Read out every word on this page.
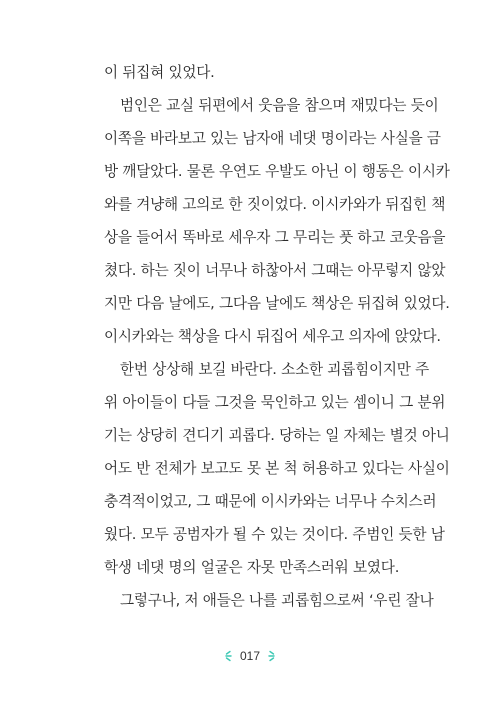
이 뒤집혀 있었다.
범인은 교실 뒤편에서 웃음을 참으며 재밌다는 듯이
이쪽을 바라보고 있는 남자애 네댓 명이라는 사실을 금
방 깨달았다. 물론 우연도 우발도 아닌 이 행동은 이시카
와를 겨냥해 고의로 한 짓이었다. 이시카와가 뒤집힌 책
상을 들어서 똑바로 세우자 그 무리는 풋 하고 코웃음을
쳤다. 하는 짓이 너무나 하찮아서 그때는 아무렇지 않았
지만 다음 날에도, 그다음 날에도 책상은 뒤집혀 있었다.
이시카와는 책상을 다시 뒤집어 세우고 의자에 앉았다.
한번 상상해 보길 바란다. 소소한 괴롭힘이지만 주
위 아이들이 다들 그것을 묵인하고 있는 셈이니 그 분위
기는 상당히 견디기 괴롭다. 당하는 일 자체는 별것 아니
어도 반 전체가 보고도 못 본 척 허용하고 있다는 사실이
충격적이었고, 그 때문에 이시카와는 너무나 수치스러
웠다. 모두 공범자가 될 수 있는 것이다. 주범인 듯한 남
학생 네댓 명의 얼굴은 자못 만족스러워 보였다.
그렇구나, 저 애들은 나를 괴롭힘으로써 ‘우린 잘나
017
